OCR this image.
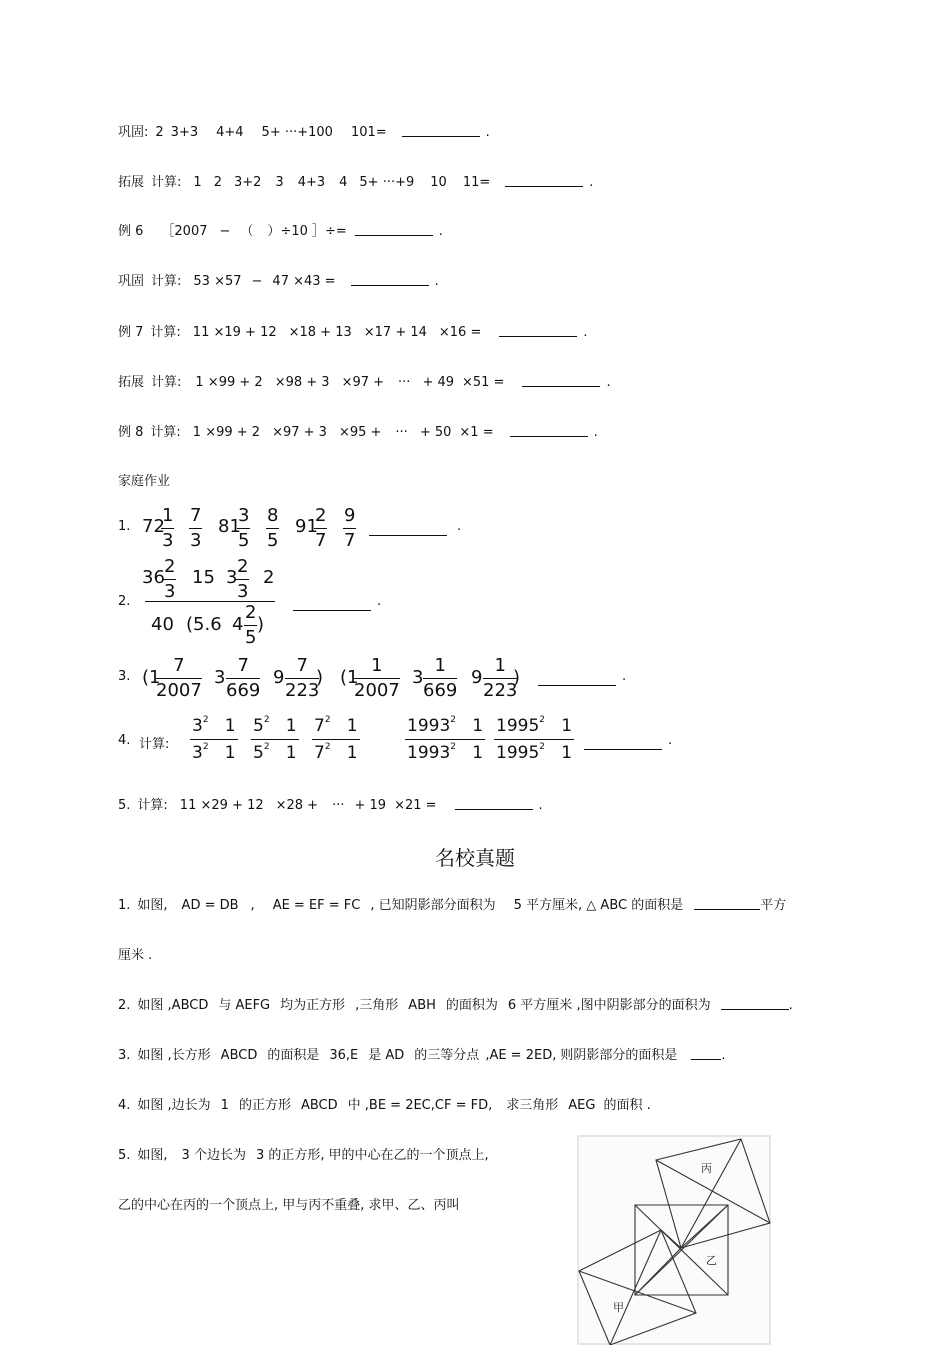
巩固: 2 3+3 4+4 5+ ···+100 101=	.
拓展 计算: 1 2 3+2 3 4+3 4 5+ ···+9 10 11=	.
例 6 ［2007 − （ ）÷10 ］÷=	.
巩固 计算: 53 ×57 − 47 ×43 =	.
例 7 计算: 11 ×19 + 12 ×18 + 13 ×17 + 14 ×16 =	.
拓展 计算: 1 ×99 + 2 ×98 + 3 ×97 + ··· + 49 ×51 =	.
例 8 计算: 1 ×99 + 2 ×97 + 3 ×95 + ··· + 50 ×1 =	.
家庭作业
1. 72
$\frac{1}{3} \frac{7}{3} 81$
$\frac{3}{5} \frac{8}{5} 91$
$\frac{2}{7} \frac{9}{7}$	.
2.
36
$\frac{2}{3} 15$ 3
$\frac{2}{3} 2$
40 (5.6 $4 \frac{2}{5}$ )
.
3. (1
$\frac{7}{2007} 3 \frac{7}{669} 9 \frac{7}{223}$
) (1
$\frac{1}{2007} 3 \frac{1}{669} 9 \frac{1}{223}$
)	.
4. 计算:
$3^2$ 1
$3^2$ 1
$5^2$ 1
$5^2$ 1
$7^2$ 1
$7^2$ 1
1993$^2$ 1
1993$^2$ 1
1995$^2$ 1
1995$^2$ 1
.
5. 计算: 11 ×29 + 12 ×28 + ··· + 19 ×21 =	.
名校真题
1. 如图, AD = DB , AE = EF = FC , 已知阴影部分面积为 5 平方厘米, △ ABC 的面积是	平方
厘米 .
2. 如图 ,ABCD 与 AEFG 均为正方形 ,三角形 ABH 的面积为 6 平方厘米 ,图中阴影部分的面积为	.
3. 如图 ,长方形 ABCD 的面积是 36,E 是 AD 的三等分点 ,AE = 2ED, 则阴影部分的面积是	.
4. 如图 ,边长为 1 的正方形 ABCD 中 ,BE = 2EC,CF = FD, 求三角形 AEG 的面积 .
5. 如图, 3 个边长为 3 的正方形, 甲的中心在乙的一个顶点上,
乙的中心在丙的一个顶点上, 甲与丙不重叠, 求甲、乙、丙叫
丙
乙
甲
